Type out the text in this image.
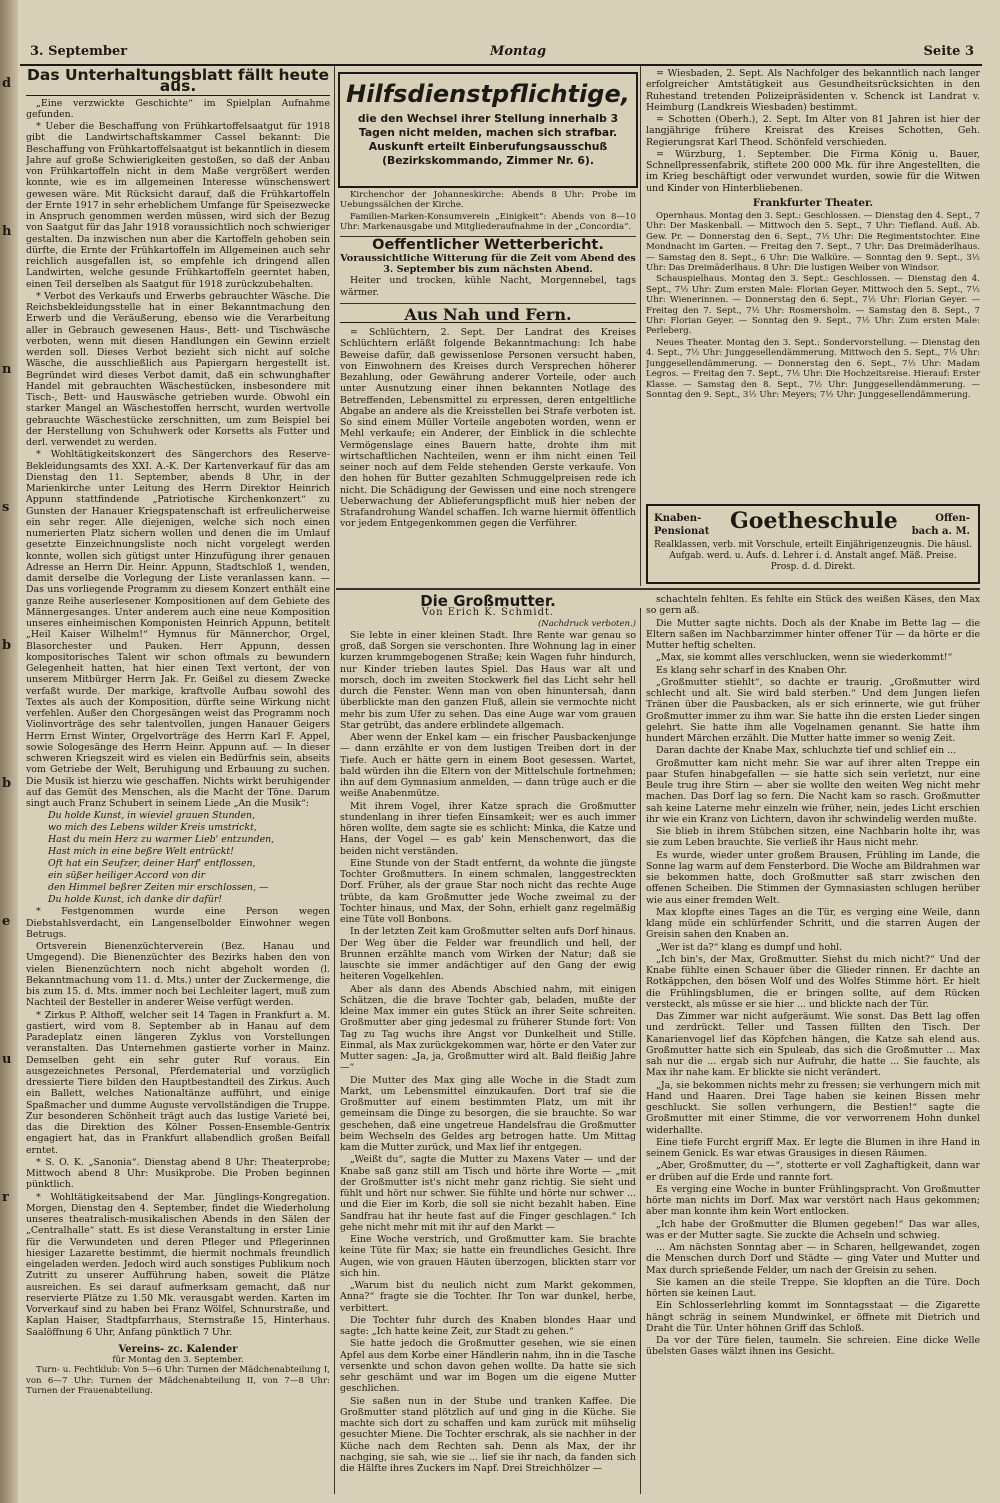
d
h
n
s
b
b
e
u
r
3. September	Montag	Seite 3
Das Unterhaltungsblatt fällt heute aus.

„Eine verzwickte Geschichte“ im Spielplan Aufnahme gefunden.

* Ueber die Beschaffung von Frühkartoffelsaatgut für 1918 gibt die Landwirtschaftskammer Cassel bekannt: Die Beschaffung von Frühkartoffelsaatgut ist bekanntlich in diesem Jahre auf große Schwierigkeiten gestoßen, so daß der Anbau von Frühkartoffeln nicht in dem Maße vergrößert werden konnte, wie es im allgemeinen Interesse wünschenswert gewesen wäre. Mit Rücksicht darauf, daß die Frühkartoffeln der Ernte 1917 in sehr erheblichem Umfange für Speisezwecke in Anspruch genommen werden müssen, wird sich der Bezug von Saatgut für das Jahr 1918 voraussichtlich noch schwieriger gestalten. Da inzwischen nun aber die Kartoffeln gehoben sein dürfte, die Ernte der Frühkartoffeln im Allgemeinen auch sehr reichlich ausgefallen ist, so empfehle ich dringend allen Landwirten, welche gesunde Frühkartoffeln geerntet haben, einen Teil derselben als Saatgut für 1918 zurückzubehalten.

* Verbot des Verkaufs und Erwerbs gebrauchter Wäsche. Die Reichsbekleidungsstelle hat in einer Bekanntmachung den Erwerb und die Veräußerung, ebenso wie die Verarbeitung aller in Gebrauch gewesenen Haus-, Bett- und Tischwäsche verboten, wenn mit diesen Handlungen ein Gewinn erzielt werden soll. Dieses Verbot bezieht sich nicht auf solche Wäsche, die ausschließlich aus Papiergarn hergestellt ist. Begründet wird dieses Verbot damit, daß ein schwunghafter Handel mit gebrauchten Wäschestücken, insbesondere mit Tisch-, Bett- und Hauswäsche getrieben wurde. Obwohl ein starker Mangel an Wäschestoffen herrscht, wurden wertvolle gebrauchte Wäschestücke zerschnitten, um zum Beispiel bei der Herstellung von Schuhwerk oder Korsetts als Futter und derl. verwendet zu werden.

* Wohltätigkeitskonzert des Sängerchors des Reserve-Bekleidungsamts des XXI. A.-K. Der Kartenverkauf für das am Dienstag den 11. September, abends 8 Uhr, in der Marienkirche unter Leitung des Herrn Direktor Heinrich Appunn stattfindende „Patriotische Kirchenkonzert“ zu Gunsten der Hanauer Kriegspatenschaft ist erfreulicherweise ein sehr reger. Alle diejenigen, welche sich noch einen numerierten Platz sichern wollen und denen die im Umlauf gesetzte Einzeichnungsliste noch nicht vorgelegt werden konnte, wollen sich gütigst unter Hinzufügung ihrer genauen Adresse an Herrn Dir. Heinr. Appunn, Stadtschloß 1, wenden, damit derselbe die Vorlegung der Liste veranlassen kann. — Das uns vorliegende Programm zu diesem Konzert enthält eine ganze Reihe auserlesener Kompositionen auf dem Gebiete des Männergesanges. Unter anderem auch eine neue Komposition unseres einheimischen Komponisten Heinrich Appunn, betitelt „Heil Kaiser Wilhelm!“ Hymnus für Männerchor, Orgel, Blasorchester und Pauken. Herr Appunn, dessen kompositorisches Talent wir schon oftmals zu bewundern Gelegenheit hatten, hat hier einen Text vertont, der von unserem Mitbürger Herrn Jak. Fr. Geißel zu diesem Zwecke verfaßt wurde. Der markige, kraftvolle Aufbau sowohl des Textes als auch der Komposition, dürfte seine Wirkung nicht verfehlen. Außer den Chorgesängen weist das Programm noch Violinvorträge des sehr talentvollen, jungen Hanauer Geigers Herrn Ernst Winter, Orgelvorträge des Herrn Karl F. Appel, sowie Sologesänge des Herrn Heinr. Appunn auf. — In dieser schweren Kriegszeit wird es vielen ein Bedürfnis sein, abseits vom Getriebe der Welt, Beruhigung und Erbauung zu suchen. Die Musik ist hierzu wie geschaffen. Nichts wirkt beruhigender auf das Gemüt des Menschen, als die Macht der Töne. Darum singt auch Franz Schubert in seinem Liede „An die Musik“:

Du holde Kunst, in wieviel grauen Stunden,

wo mich des Lebens wilder Kreis umstrickt,

Hast du mein Herz zu warmer Lieb' entzunden,

Hast mich in eine beßre Welt entrückt!

Oft hat ein Seufzer, deiner Harf' entflossen,

ein süßer heiliger Accord von dir

den Himmel beßrer Zeiten mir erschlossen, —

Du holde Kunst, ich danke dir dafür!

* Festgenommen wurde eine Person wegen Diebstahlsverdacht, ein Langenselbolder Einwohner wegen Betrugs.

Ortsverein Bienenzüchterverein (Bez. Hanau und Umgegend). Die Bienenzüchter des Bezirks haben den von vielen Bienenzüchtern noch nicht abgeholt worden (l. Bekanntmachung vom 11. d. Mts.) unter der Zuckermenge, die bis zum 15. d. Mts. immer noch bei Lechleiter lagert, muß zum Nachteil der Besteller in anderer Weise verfügt werden.

* Zirkus P. Althoff, welcher seit 14 Tagen in Frankfurt a. M. gastiert, wird vom 8. September ab in Hanau auf dem Paradeplatz einen längeren Zyklus von Vorstellungen veranstalten. Das Unternehmen gastierte vorher in Mainz. Demselben geht ein sehr guter Ruf voraus. Ein ausgezeichnetes Personal, Pferdematerial und vorzüglich dressierte Tiere bilden den Hauptbestandteil des Zirkus. Auch ein Ballett, welches Nationaltänze aufführt, und einige Spaßmacher und dumme Auguste vervollständigen die Truppe. Zur besonderen Schönheit trägt auch das lustige Varieté bei, das die Direktion des Kölner Possen-Ensemble-Gentrix engagiert hat, das in Frankfurt allabendlich großen Beifall erntet.

* S. O. K. „Sanonia“. Dienstag abend 8 Uhr: Theaterprobe; Mittwoch abend 8 Uhr: Musikprobe. Die Proben beginnen pünktlich.

* Wohltätigkeitsabend der Mar. Jünglings-Kongregation. Morgen, Dienstag den 4. September, findet die Wiederholung unseres theatralisch-musikalischen Abends in den Sälen der „Centralhalle“ statt. Es ist diese Veranstaltung in erster Linie für die Verwundeten und deren Pfleger und Pflegerinnen hiesiger Lazarette bestimmt, die hiermit nochmals freundlich eingeladen werden. Jedoch wird auch sonstiges Publikum noch Zutritt zu unserer Aufführung haben, soweit die Plätze ausreichen. Es sei darauf aufmerksam gemacht, daß nur reservierte Plätze zu 1.50 Mk. verausgabt werden. Karten im Vorverkauf sind zu haben bei Franz Wölfel, Schnurstraße, und Kaplan Haiser, Stadtpfarrhaus, Sternstraße 15, Hinterhaus. Saalöffnung 6 Uhr, Anfang pünktlich 7 Uhr.

Vereins- zc. Kalender
für Montag den 3. September.

Turn- u. Fechtklub: Von 5—6 Uhr: Turnen der Mädchenabteilung I, von 6—7 Uhr: Turnen der Mädchenabteilung II, von 7—8 Uhr: Turnen der Frauenabteilung.

Hilfsdienstpflichtige,
die den Wechsel ihrer Stellung innerhalb 3 Tagen nicht melden, machen sich strafbar. Auskunft erteilt Einberufungsausschuß (Bezirkskommando, Zimmer Nr. 6).

Kirchenchor der Johanneskirche: Abends 8 Uhr: Probe im Uebungssälchen der Kirche.

Familien-Marken-Konsumverein „Einigkeit“: Abends von 8—10 Uhr: Markenausgabe und Mitgliederaufnahme in der „Concordia“.

Oeffentlicher Wetterbericht.
Voraussichtliche Witterung für die Zeit vom Abend des 3. September bis zum nächsten Abend.

Heiter und trocken, kühle Nacht, Morgennebel, tags wärmer.

Aus Nah und Fern.

= Schlüchtern, 2. Sept. Der Landrat des Kreises Schlüchtern erläßt folgende Bekanntmachung: Ich habe Beweise dafür, daß gewissenlose Personen versucht haben, von Einwohnern des Kreises durch Versprechen höherer Bezahlung, oder Gewährung anderer Vorteile, oder auch unter Ausnutzung einer ihnen bekannten Notlage des Betreffenden, Lebensmittel zu erpressen, deren entgeltliche Abgabe an andere als die Kreisstellen bei Strafe verboten ist. So sind einem Müller Vorteile angeboten worden, wenn er Mehl verkaufe; ein Anderer, der Einblick in die schlechte Vermögenslage eines Bauern hatte, drohte ihm mit wirtschaftlichen Nachteilen, wenn er ihm nicht einen Teil seiner noch auf dem Felde stehenden Gerste verkaufe. Von den hohen für Butter gezahlten Schmuggelpreisen rede ich nicht. Die Schädigung der Gewissen und eine noch strengere Ueberwachung der Ablieferungspflicht muß hier neben der Strafandrohung Wandel schaffen. Ich warne hiermit öffentlich vor jedem Entgegenkommen gegen die Verführer.

= Wiesbaden, 2. Sept. Als Nachfolger des bekanntlich nach langer erfolgreicher Amtstätigkeit aus Gesundheitsrücksichten in den Ruhestand tretenden Polizeipräsidenten v. Schenck ist Landrat v. Heimburg (Landkreis Wiesbaden) bestimmt.

= Schotten (Oberh.), 2. Sept. Im Alter von 81 Jahren ist hier der langjährige frühere Kreisrat des Kreises Schotten, Geh. Regierungsrat Karl Theod. Schönfeld verschieden.

= Würzburg, 1. September. Die Firma König u. Bauer, Schnellpressenfabrik, stiftete 200 000 Mk. für ihre Angestellten, die im Krieg beschäftigt oder verwundet wurden, sowie für die Witwen und Kinder von Hinterbliebenen.

Frankfurter Theater.

Opernhaus. Montag den 3. Sept.: Geschlossen. — Dienstag den 4. Sept., 7 Uhr: Der Maskenball. — Mittwoch den 5. Sept., 7 Uhr: Tiefland. Auß. Ab. Gew. Pr. — Donnerstag den 6. Sept., 7½ Uhr: Die Regimentstochter. Eine Mondnacht im Garten. — Freitag den 7. Sept., 7 Uhr: Das Dreimäderlhaus. — Samstag den 8. Sept., 6 Uhr: Die Walküre. — Sonntag den 9. Sept., 3½ Uhr: Das Dreimäderlhaus. 8 Uhr: Die lustigen Weiber von Windsor.

Schauspielhaus. Montag den 3. Sept.: Geschlossen. — Dienstag den 4. Sept., 7½ Uhr: Zum ersten Male: Florian Geyer. Mittwoch den 5. Sept., 7½ Uhr: Wienerinnen. — Donnerstag den 6. Sept., 7½ Uhr: Florian Geyer. — Freitag den 7. Sept., 7½ Uhr: Rosmersholm. — Samstag den 8. Sept., 7 Uhr: Florian Geyer. — Sonntag den 9. Sept., 7½ Uhr: Zum ersten Male: Perleberg.

Neues Theater. Montag den 3. Sept.: Sondervorstellung. — Dienstag den 4. Sept., 7½ Uhr: Junggesellendämmerung. Mittwoch den 5. Sept., 7½ Uhr: Junggesellendämmerung. — Donnerstag den 6. Sept., 7½ Uhr: Madam Legros. — Freitag den 7. Sept., 7½ Uhr: Die Hochzeitsreise. Hierauf: Erster Klasse. — Samstag den 8. Sept., 7½ Uhr: Junggesellendämmerung. — Sonntag den 9. Sept., 3½ Uhr: Meyers; 7½ Uhr: Junggesellendämmerung.

Knaben-
Pensionat Goetheschule	Offen-
bach a. M.
Realklassen, verb. mit Vorschule, erteilt Einjährigenzeugnis. Die häusl. Aufgab. werd. u. Aufs. d. Lehrer i. d. Anstalt angef. Mäß. Preise. Prosp. d. d. Direkt.
Die Großmutter.
Von Erich K. Schmidt.
(Nachdruck verboten.)

Sie lebte in einer kleinen Stadt. Ihre Rente war genau so groß, daß Sorgen sie verschonten. Ihre Wohnung lag in einer kurzen krummgebogenen Straße; kein Wagen fuhr hindurch, nur Kinder trieben lautes Spiel. Das Haus war alt und morsch, doch im zweiten Stockwerk fiel das Licht sehr hell durch die Fenster. Wenn man von oben hinuntersah, dann überblickte man den ganzen Fluß, allein sie vermochte nicht mehr bis zum Ufer zu sehen. Das eine Auge war vom grauen Star getrübt, das andere erblindete allgemach.

Aber wenn der Enkel kam — ein frischer Pausbackenjunge — dann erzählte er von dem lustigen Treiben dort in der Tiefe. Auch er hätte gern in einem Boot gesessen. Wartet, bald würden ihn die Eltern von der Mittelschule fortnehmen; ihn auf dem Gymnasium anmelden, — dann trüge auch er die weiße Anabenmütze.

Mit ihrem Vogel, ihrer Katze sprach die Großmutter stundenlang in ihrer tiefen Einsamkeit; wer es auch immer hören wollte, dem sagte sie es schlicht: Minka, die Katze und Hans, der Vogel — es gab' kein Menschenwort, das die beiden nicht verständen.

Eine Stunde von der Stadt entfernt, da wohnte die jüngste Tochter Großmutters. In einem schmalen, langgestreckten Dorf. Früher, als der graue Star noch nicht das rechte Auge trübte, da kam Großmutter jede Woche zweimal zu der Tochter hinaus, und Max, der Sohn, erhielt ganz regelmäßig eine Tüte voll Bonbons.

In der letzten Zeit kam Großmutter selten aufs Dorf hinaus. Der Weg über die Felder war freundlich und hell, der Brunnen erzählte manch vom Wirken der Natur; daß sie lauschte sie immer andächtiger auf den Gang der ewig heiteren Vogelkehlen.

Aber als dann des Abends Abschied nahm, mit einigen Schätzen, die die brave Tochter gab, beladen, mußte der kleine Max immer ein gutes Stück an ihrer Seite schreiten. Großmutter aber ging jedesmal zu früherer Stunde fort: Von Tag zu Tag wuchs ihre Angst vor Dunkelheit und Stille. Einmal, als Max zurückgekommen war, hörte er den Vater zur Mutter sagen: „Ja, ja, Großmutter wird alt. Bald fleißig Jahre —“

Die Mutter des Max ging alle Woche in die Stadt zum Markt, um Lebensmittel einzukaufen. Dort traf sie die Großmutter auf einem bestimmten Platz, um mit ihr gemeinsam die Dinge zu besorgen, die sie brauchte. So war geschehen, daß eine ungetreue Handelsfrau die Großmutter beim Wechseln des Geldes arg betrogen hatte. Um Mittag kam die Mutter zurück, und Max lief ihr entgegen.

„Weißt du“, sagte die Mutter zu Maxens Vater — und der Knabe saß ganz still am Tisch und hörte ihre Worte — „mit der Großmutter ist's nicht mehr ganz richtig. Sie sieht und fühlt und hört nur schwer. Sie fühlte und hörte nur schwer ... und die Eier im Korb, die soll sie nicht bezahlt haben. Eine Sandfrau hat ihr heute fast auf die Finger geschlagen.“ Ich gehe nicht mehr mit mit ihr auf den Markt —

Eine Woche verstrich, und Großmutter kam. Sie brachte keine Tüte für Max; sie hatte ein freundliches Gesicht. Ihre Augen, wie von grauen Häuten überzogen, blickten starr vor sich hin.

„Warum bist du neulich nicht zum Markt gekommen, Anna?“ fragte sie die Tochter. Ihr Ton war dunkel, herbe, verbittert.

Die Tochter fuhr durch des Knaben blondes Haar und sagte: „Ich hatte keine Zeit, zur Stadt zu gehen.“

Sie hatte jedoch die Großmutter gesehen, wie sie einen Apfel aus dem Korbe einer Händlerin nahm, ihn in die Tasche versenkte und schon davon gehen wollte. Da hatte sie sich sehr geschämt und war im Bogen um die eigene Mutter geschlichen.

Sie saßen nun in der Stube und tranken Kaffee. Die Großmutter stand plötzlich auf und ging in die Küche. Sie machte sich dort zu schaffen und kam zurück mit mühselig gesuchter Miene. Die Tochter erschrak, als sie nachher in der Küche nach dem Rechten sah. Denn als Max, der ihr nachging, sie sah, wie sie ... lief sie ihr nach, da fanden sich die Hälfte ihres Zuckers im Napf. Drei Streichhölzer —

schachteln fehlten. Es fehlte ein Stück des weißen Käses, den Max so gern aß.

Die Mutter sagte nichts. Doch als der Knabe im Bette lag — die Eltern saßen im Nachbarzimmer hinter offener Tür — da hörte er die Mutter heftig schelten.

„Max, sie kommt alles verschlucken, wenn sie wiederkommt!“

Es klang sehr scharf in des Knaben Ohr.

„Großmutter stiehlt“, so dachte er traurig. „Großmutter wird schlecht und alt. Sie wird bald sterben.“ Und dem Jungen liefen Tränen über die Pausbacken, als er sich erinnerte, wie gut früher Großmutter immer zu ihm war. Sie hatte ihn die ersten Lieder singen gelehrt. Sie hatte ihm alle Vogelnamen genannt. Sie hatte ihm hundert Märchen erzählt. Die Mutter hatte immer so wenig Zeit.

Daran dachte der Knabe Max, schluchzte tief und schlief ein ...

Großmutter kam nicht mehr. Sie war auf ihrer alten Treppe ein paar Stufen hinabgefallen — sie hatte sich sein verletzt, nur eine Beule trug ihre Stirn — aber sie wollte den weiten Weg nicht mehr machen. Das Dorf lag so fern. Die Nacht kam so rasch. Großmutter sah keine Laterne mehr einzeln wie früher, nein, jedes Licht erschien ihr wie ein Kranz von Lichtern, davon ihr schwindelig werden mußte.

Sie blieb in ihrem Stübchen sitzen, eine Nachbarin holte ihr, was sie zum Leben brauchte. Sie verließ ihr Haus nicht mehr.

Es wurde, wieder unter großem Brausen, Frühling im Lande, die Sonne lag warm auf dem Fensterbord. Die Woche am Bildrahmen war sie bekommen hatte, doch Großmutter saß starr zwischen den offenen Scheiben. Die Stimmen der Gymnasiasten schlugen herüber wie aus einer fremden Welt.

Max klopfte eines Tages an die Tür, es verging eine Weile, dann klang müde ein schlürfender Schritt, und die starren Augen der Greisin sahen den Knaben an.

„Wer ist da?“ klang es dumpf und hohl.

„Ich bin's, der Max, Großmutter. Siehst du mich nicht?“ Und der Knabe fühlte einen Schauer über die Glieder rinnen. Er dachte an Rotkäppchen, den bösen Wolf und des Wolfes Stimme hört. Er hielt die Frühlingsblumen, die er bringen sollte, auf dem Rücken versteckt, als müsse er sie hier ... und blickte nach der Tür.

Das Zimmer war nicht aufgeräumt. Wie sonst. Das Bett lag offen und zerdrückt. Teller und Tassen füllten den Tisch. Der Kanarienvogel lief das Köpfchen hängen, die Katze sah elend aus. Großmutter hatte sich ein Spuleab, das sich die Großmutter ... Max sah nur die ... ergab sich nur Aufruhr, die hatte ... Sie fauchte, als Max ihr nahe kam. Er blickte sie nicht verändert.

„Ja, sie bekommen nichts mehr zu fressen; sie verhungern mich mit Hand und Haaren. Drei Tage haben sie keinen Bissen mehr geschluckt. Sie sollen verhungern, die Bestien!“ sagte die Großmutter mit einer Stimme, die vor verworrenem Hohn dunkel widerhallte.

Eine tiefe Furcht ergriff Max. Er legte die Blumen in ihre Hand in seinem Genick. Es war etwas Grausiges in diesen Räumen.

„Aber, Großmutter, du —“, stotterte er voll Zaghaftigkeit, dann war er drüben auf die Erde und rannte fort.

Es verging eine Woche in bunter Frühlingspracht. Von Großmutter hörte man nichts im Dorf. Max war verstört nach Haus gekommen; aber man konnte ihm kein Wort entlocken.

„Ich habe der Großmutter die Blumen gegeben!“ Das war alles, was er der Mutter sagte. Sie zuckte die Achseln und schwieg.

... Am nächsten Sonntag aber — in Scharen, hellgewandet, zogen die Menschen durch Dorf und Städte — ging Vater und Mutter und Max durch sprießende Felder, um nach der Greisin zu sehen.

Sie kamen an die steile Treppe. Sie klopften an die Türe. Doch hörten sie keinen Laut.

Ein Schlosserlehrling kommt im Sonntagsstaat — die Zigarette hängt schräg in seinem Mundwinkel, er öffnete mit Dietrich und Draht die Tür. Unter höhnen Griff das Schloß.

Da vor der Türe fielen, taumeln. Sie schreien. Eine dicke Welle übelsten Gases wälzt ihnen ins Gesicht.
